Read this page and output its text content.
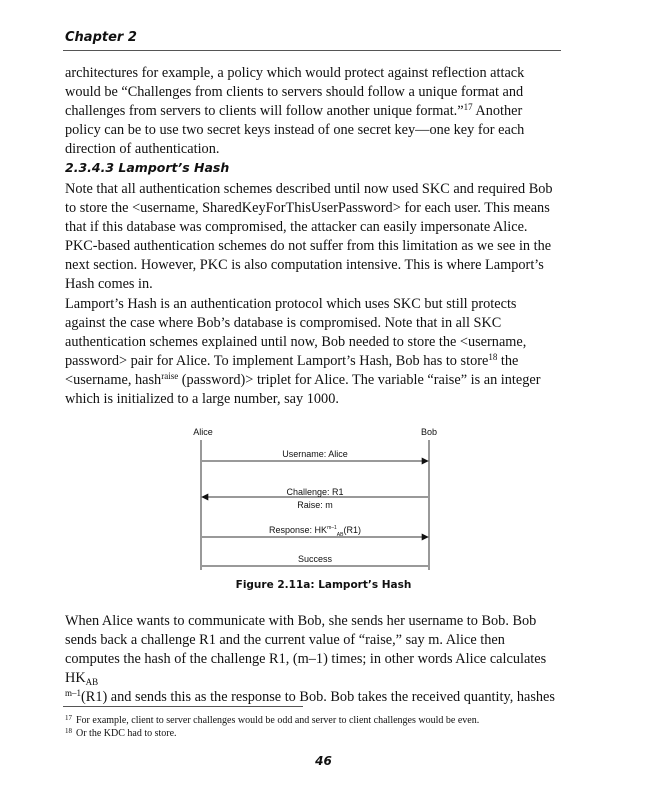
Chapter 2

architectures for example, a policy which would protect against reflection attack would be “Challenges from clients to servers should follow a unique format and challenges from servers to clients will follow another unique format.”$^{17}$ Another policy can be to use two secret keys instead of one secret key—one key for each direction of authentication.

2.3.4.3 Lamport’s Hash

Note that all authentication schemes described until now used SKC and required Bob to store the <username, SharedKeyForThisUserPassword> for each user. This means that if this database was compromised, the attacker can easily impersonate Alice. PKC-based authentication schemes do not suffer from this limitation as we see in the next section. However, PKC is also computation intensive. This is where Lamport’s Hash comes in.

Lamport’s Hash is an authentication protocol which uses SKC but still protects against the case where Bob’s database is compromised. Note that in all SKC authentication schemes explained until now, Bob needed to store the <username, password> pair for Alice. To implement Lamport’s Hash, Bob has to store$^{18}$ the <username, hash$^{raise}$ (password)> triplet for Alice. The variable “raise” is an integer which is initialized to a large number, say 1000.

Alice	Bob
Username: Alice
Challenge: R1
Raise: m
Response: $HK^{m-1}_{AB}(R1)$
Success
Figure 2.11a: Lamport’s Hash

When Alice wants to communicate with Bob, she sends her username to Bob. Bob sends back a challenge R1 and the current value of “raise,” say m. Alice then computes the hash of the challenge R1, (m–1) times; in other words Alice calculates $HK_{AB}$
$^{m-1}$(R1) and sends this as the response to Bob. Bob takes the received quantity, hashes

$^{17}$ For example, client to server challenges would be odd and server to client challenges would be even.
$^{18}$ Or the KDC had to store.
46
